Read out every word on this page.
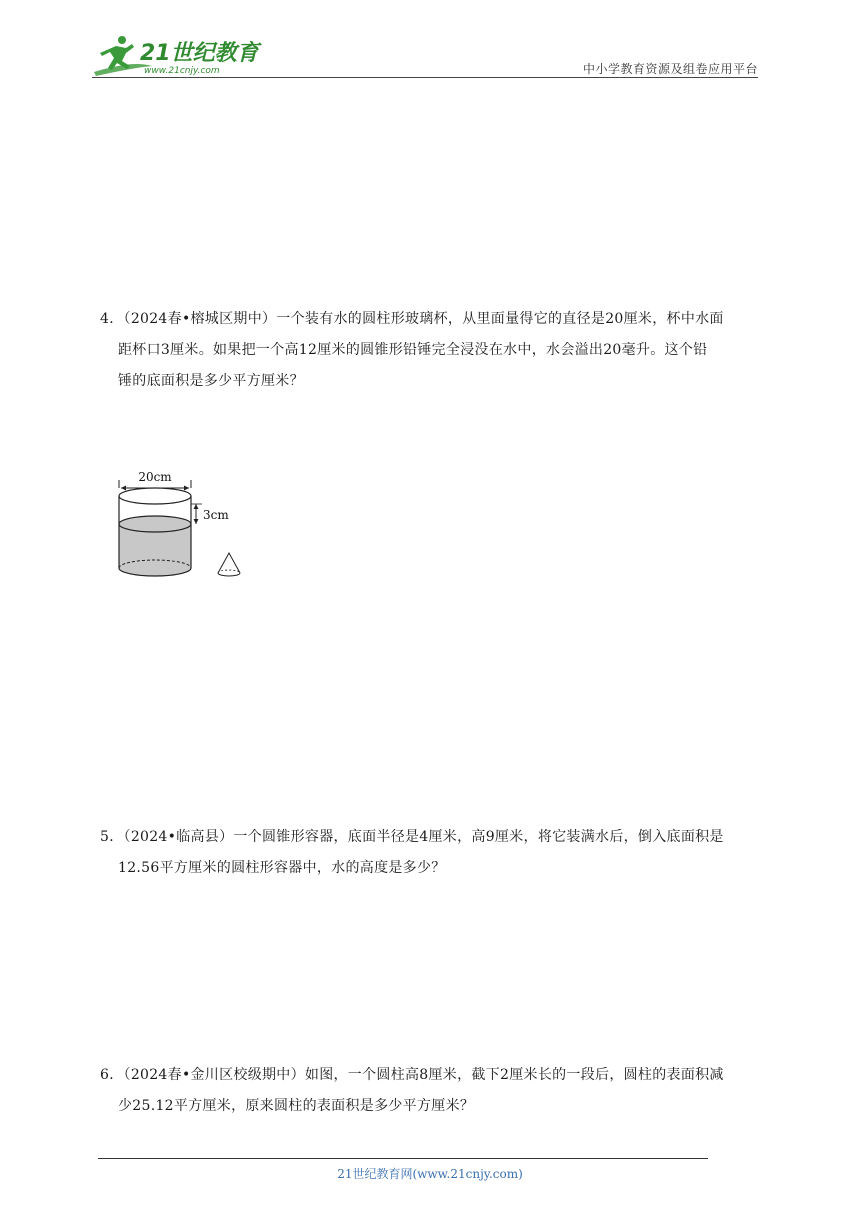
21世纪教育
www.21cnjy.com	中小学教育资源及组卷应用平台
4．（2024春•榕城区期中）一个装有水的圆柱形玻璃杯，从里面量得它的直径是20厘米，杯中水面
距杯口3厘米。如果把一个高12厘米的圆锥形铅锤完全浸没在水中，水会溢出20毫升。这个铅
锤的底面积是多少平方厘米？
20cm
3cm
5．（2024•临高县）一个圆锥形容器，底面半径是4厘米，高9厘米，将它装满水后，倒入底面积是
12.56平方厘米的圆柱形容器中，水的高度是多少？
6．（2024春•金川区校级期中）如图，一个圆柱高8厘米，截下2厘米长的一段后，圆柱的表面积减
少25.12平方厘米，原来圆柱的表面积是多少平方厘米？
21世纪教育网(www.21cnjy.com)
